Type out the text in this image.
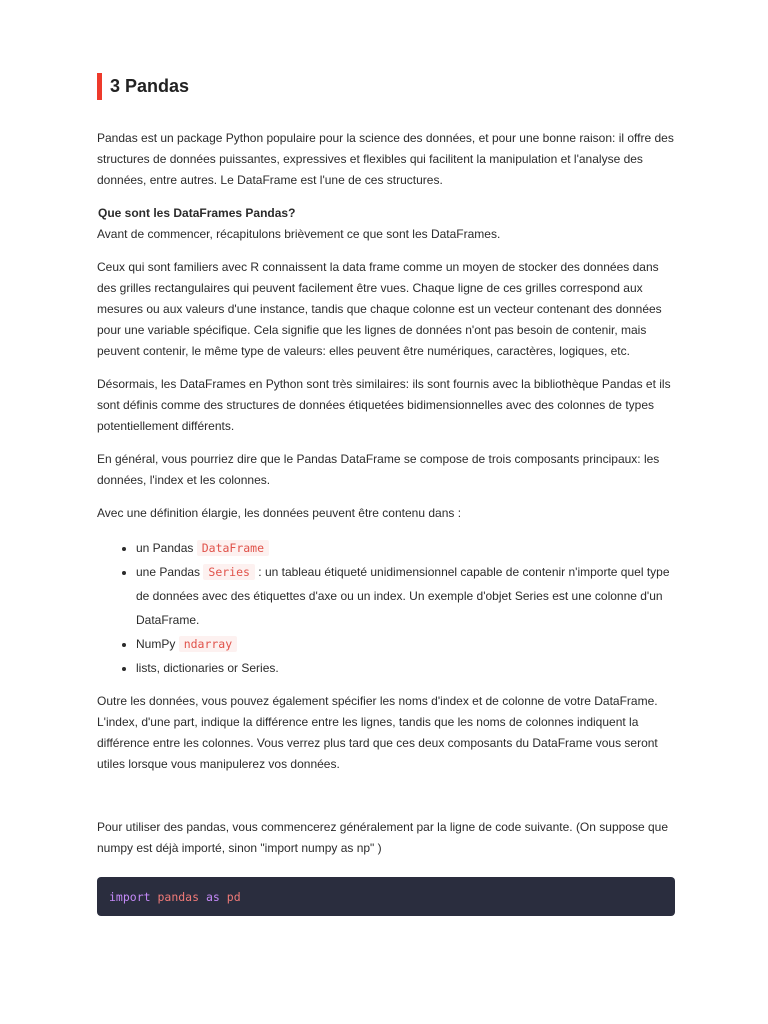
3 Pandas

Pandas est un package Python populaire pour la science des données, et pour une bonne raison: il offre des structures de données puissantes, expressives et flexibles qui facilitent la manipulation et l'analyse des données, entre autres. Le DataFrame est l'une de ces structures.

Que sont les DataFrames Pandas?
Avant de commencer, récapitulons brièvement ce que sont les DataFrames.

Ceux qui sont familiers avec R connaissent la data frame comme un moyen de stocker des données dans des grilles rectangulaires qui peuvent facilement être vues. Chaque ligne de ces grilles correspond aux mesures ou aux valeurs d'une instance, tandis que chaque colonne est un vecteur contenant des données pour une variable spécifique. Cela signifie que les lignes de données n'ont pas besoin de contenir, mais peuvent contenir, le même type de valeurs: elles peuvent être numériques, caractères, logiques, etc.

Désormais, les DataFrames en Python sont très similaires: ils sont fournis avec la bibliothèque Pandas et ils sont définis comme des structures de données étiquetées bidimensionnelles avec des colonnes de types potentiellement différents.

En général, vous pourriez dire que le Pandas DataFrame se compose de trois composants principaux: les données, l'index et les colonnes.

Avec une définition élargie, les données peuvent être contenu dans :

• un Pandas DataFrame
• une Pandas Series : un tableau étiqueté unidimensionnel capable de contenir n'importe quel type de données avec des étiquettes d'axe ou un index. Un exemple d'objet Series est une colonne d'un DataFrame.
• NumPy ndarray
• lists, dictionaries or Series.

Outre les données, vous pouvez également spécifier les noms d'index et de colonne de votre DataFrame. L'index, d'une part, indique la différence entre les lignes, tandis que les noms de colonnes indiquent la différence entre les colonnes. Vous verrez plus tard que ces deux composants du DataFrame vous seront utiles lorsque vous manipulerez vos données.

Pour utiliser des pandas, vous commencerez généralement par la ligne de code suivante. (On suppose que numpy est déjà importé, sinon "import numpy as np" )

import
pandas
as
pd
